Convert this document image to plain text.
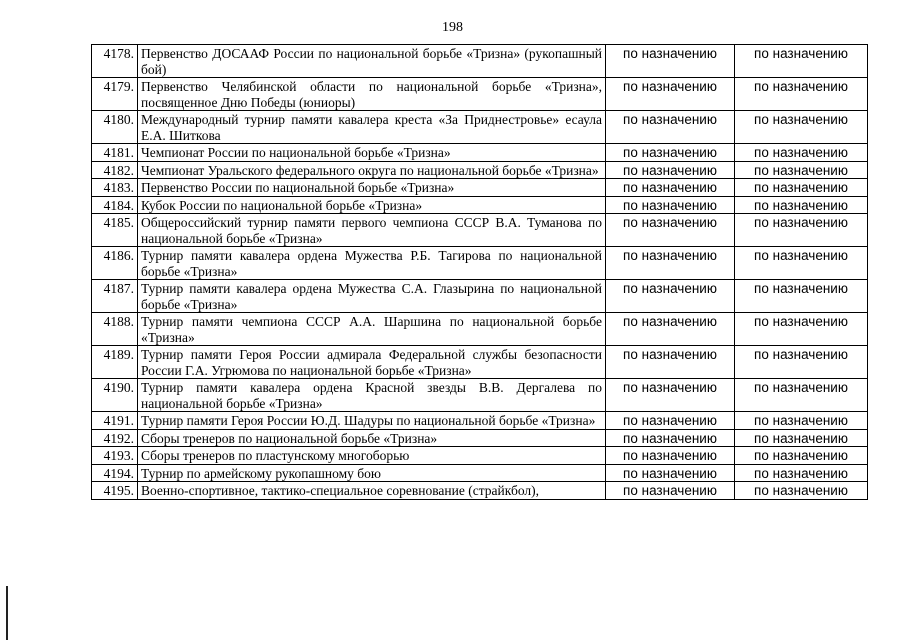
198
4178.	Первенство ДОСААФ России по национальной борьбе «Тризна» (рукопашный бой)	по назначению	по назначению
4179.	Первенство Челябинской области по национальной борьбе «Тризна», посвященное Дню Победы (юниоры)	по назначению	по назначению
4180.	Международный турнир памяти кавалера креста «За Приднестровье» есаула Е.А. Шиткова	по назначению	по назначению
4181.	Чемпионат России по национальной борьбе «Тризна»	по назначению	по назначению
4182.	Чемпионат Уральского федерального округа по национальной борьбе «Тризна»	по назначению	по назначению
4183.	Первенство России по национальной борьбе «Тризна»	по назначению	по назначению
4184.	Кубок России по национальной борьбе «Тризна»	по назначению	по назначению
4185.	Общероссийский турнир памяти первого чемпиона СССР В.А. Туманова по национальной борьбе «Тризна»	по назначению	по назначению
4186.	Турнир памяти кавалера ордена Мужества Р.Б. Тагирова по национальной борьбе «Тризна»	по назначению	по назначению
4187.	Турнир памяти кавалера ордена Мужества С.А. Глазырина по национальной борьбе «Тризна»	по назначению	по назначению
4188.	Турнир памяти чемпиона СССР А.А. Шаршина по национальной борьбе «Тризна»	по назначению	по назначению
4189.	Турнир памяти Героя России адмирала Федеральной службы безопасности России Г.А. Угрюмова по национальной борьбе «Тризна»	по назначению	по назначению
4190.	Турнир памяти кавалера ордена Красной звезды В.В. Дергалева по национальной борьбе «Тризна»	по назначению	по назначению
4191.	Турнир памяти Героя России Ю.Д. Шадуры по национальной борьбе «Тризна»	по назначению	по назначению
4192.	Сборы тренеров по национальной борьбе «Тризна»	по назначению	по назначению
4193.	Сборы тренеров по пластунскому многоборью	по назначению	по назначению
4194.	Турнир по армейскому рукопашному бою	по назначению	по назначению
4195.	Военно-спортивное, тактико-специальное соревнование (страйкбол),	по назначению	по назначению
